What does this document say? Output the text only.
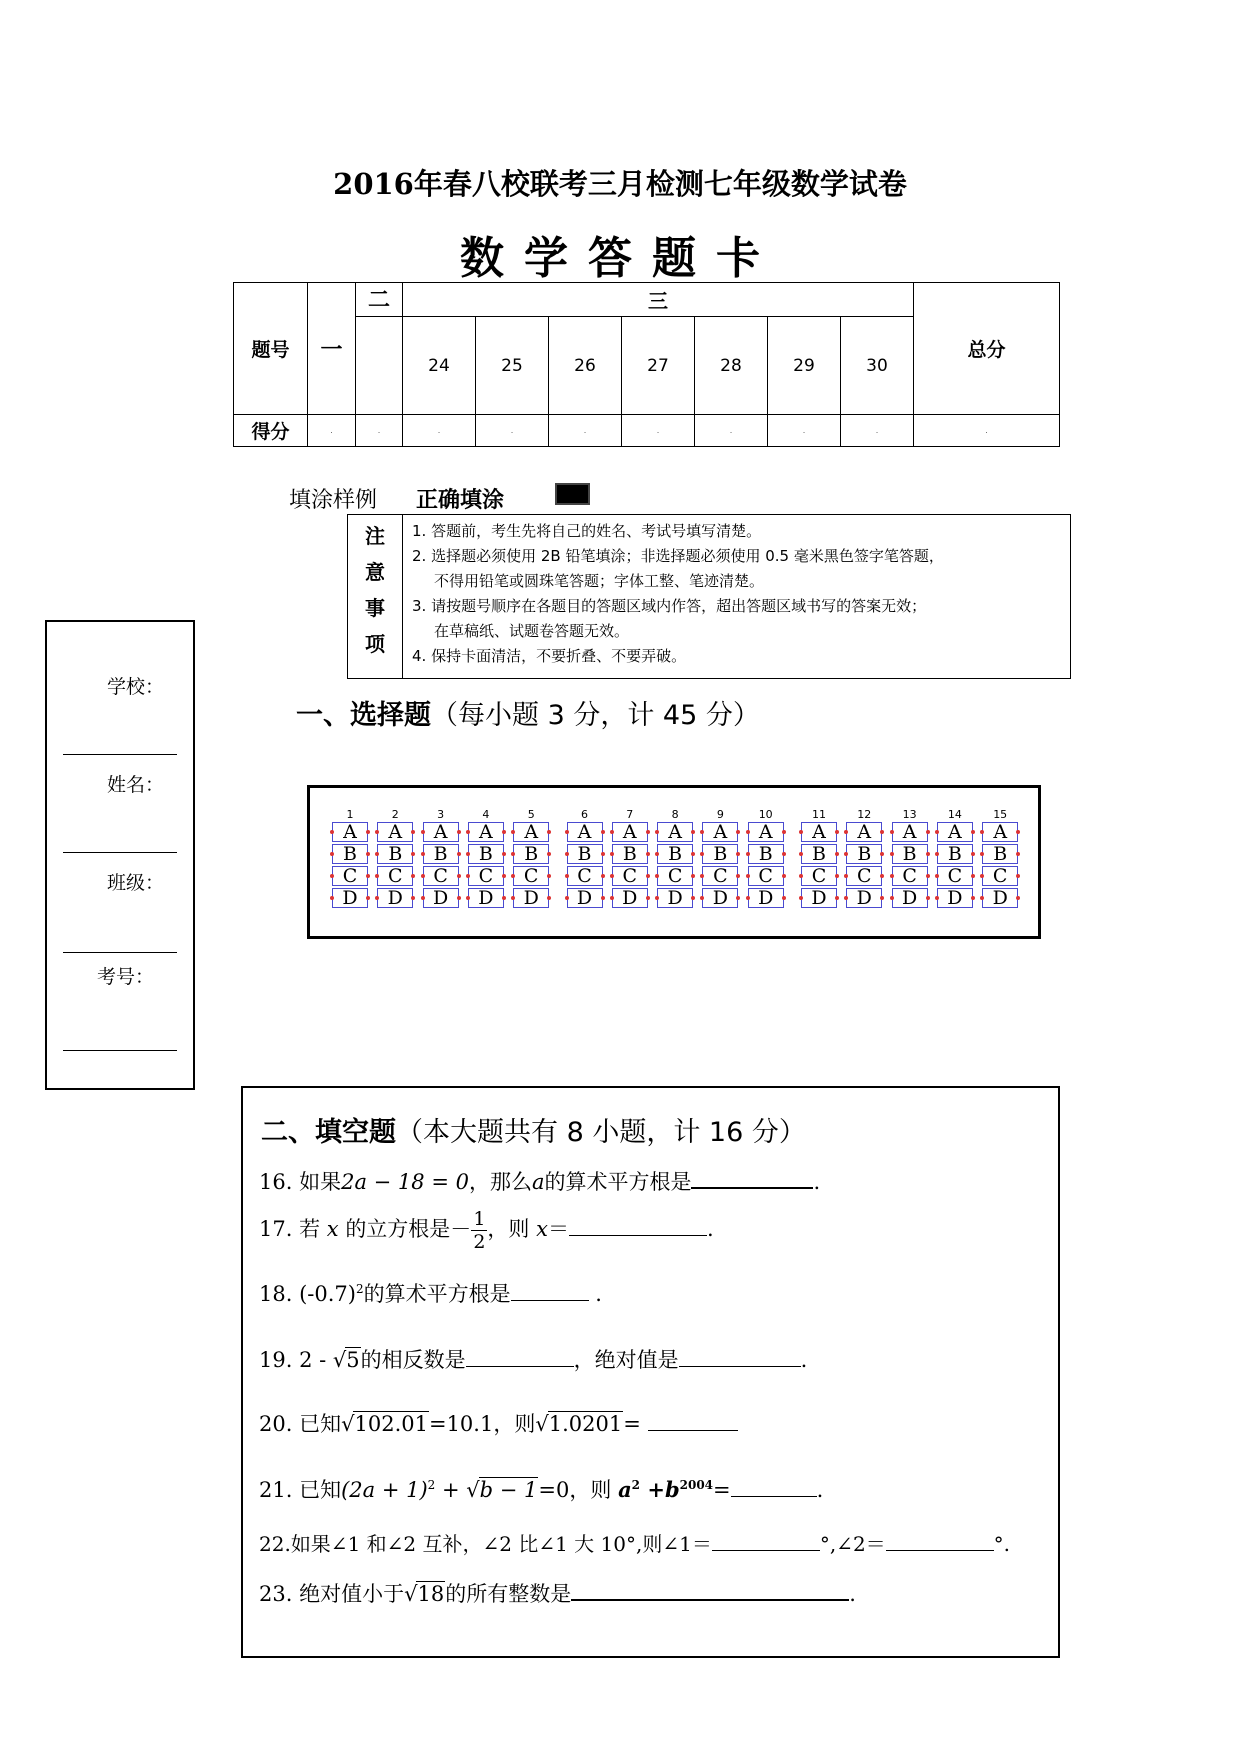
2016年春八校联考三月检测七年级数学试卷
数学答题卡
题号	一	二	三							总分
			24	25	26	27	28	29	30	
得分	.	.	.	.	.	.	.	.	.	.
填涂样例 正确填涂
注
意
事
项
1. 答题前，考生先将自己的姓名、考试号填写清楚。
2. 选择题必须使用 2B 铅笔填涂；非选择题必须使用 0.5 毫米黑色签字笔答题，
不得用铅笔或圆珠笔答题；字体工整、笔迹清楚。
3. 请按题号顺序在各题目的答题区域内作答，超出答题区域书写的答案无效；
在草稿纸、试题卷答题无效。
4. 保持卡面清洁，不要折叠、不要弄破。
学校：
姓名：
班级：
考号：
一、选择题（每小题 3 分，计 45 分）
1
A
B
C
D
2
A
B
C
D
3
A
B
C
D
4
A
B
C
D
5
A
B
C
D
6
A
B
C
D
7
A
B
C
D
8
A
B
C
D
9
A
B
C
D
10
A
B
C
D
11
A
B
C
D
12
A
B
C
D
13
A
B
C
D
14
A
B
C
D
15
A
B
C
D
二、填空题（本大题共有 8 小题，计 16 分）
16. 如果2a − 18 = 0，那么a的算术平方根是	.
17. 若 x 的立方根是－ $\frac{1}{2}$ ，则 x＝	.
18. $(-0.7)^2$的算术平方根是	.
19. 2 - √5的相反数是	，绝对值是	.
20. 已知√102.01=10.1，则√1.0201=
21. 已知$(2a + 1)^2 + √b - 1=0$，则 $a^2 +b^{2004}=$	.
22.如果∠1 和∠2 互补，∠2 比∠1 大 10°,则∠1＝	°,∠2＝	°.
23. 绝对值小于√18的所有整数是	.
